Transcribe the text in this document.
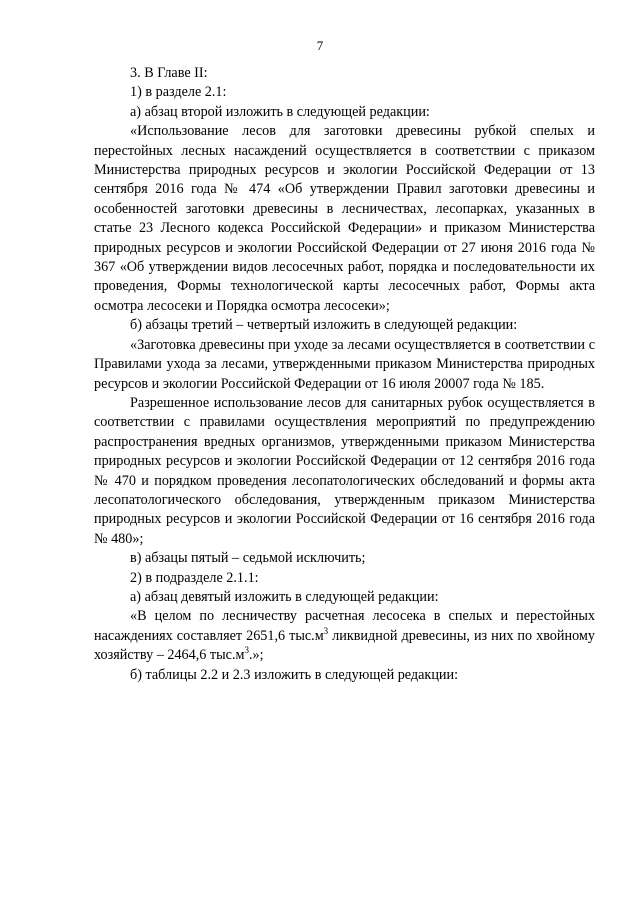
7

3. В Главе II:

1) в разделе 2.1:

а) абзац второй изложить в следующей редакции:

«Использование лесов для заготовки древесины рубкой спелых и перестойных лесных насаждений осуществляется в соответствии с приказом Министерства природных ресурсов и экологии Российской Федерации от 13 сентября 2016 года № 474 «Об утверждении Правил заготовки древесины и особенностей заготовки древесины в лесничествах, лесопарках, указанных в статье 23 Лесного кодекса Российской Федерации» и приказом Министерства природных ресурсов и экологии Российской Федерации от 27 июня 2016 года № 367 «Об утверждении видов лесосечных работ, порядка и последовательности их проведения, Формы технологической карты лесосечных работ, Формы акта осмотра лесосеки и Порядка осмотра лесосеки»;

б) абзацы третий – четвертый изложить в следующей редакции:

«Заготовка древесины при уходе за лесами осуществляется в соответствии с Правилами ухода за лесами, утвержденными приказом Министерства природных ресурсов и экологии Российской Федерации от 16 июля 20007 года № 185.

Разрешенное использование лесов для санитарных рубок осуществляется в соответствии с правилами осуществления мероприятий по предупреждению распространения вредных организмов, утвержденными приказом Министерства природных ресурсов и экологии Российской Федерации от 12 сентября 2016 года № 470 и порядком проведения лесопатологических обследований и формы акта лесопатологического обследования, утвержденным приказом Министерства природных ресурсов и экологии Российской Федерации от 16 сентября 2016 года № 480»;

в) абзацы пятый – седьмой исключить;

2) в подразделе 2.1.1:

а) абзац девятый изложить в следующей редакции:

«В целом по лесничеству расчетная лесосека в спелых и перестойных насаждениях составляет 2651,6 $тыс.м^3$ ликвидной древесины, из них по хвойному хозяйству – 2464,6 $тыс.м^3$.»;

б) таблицы 2.2 и 2.3 изложить в следующей редакции:
